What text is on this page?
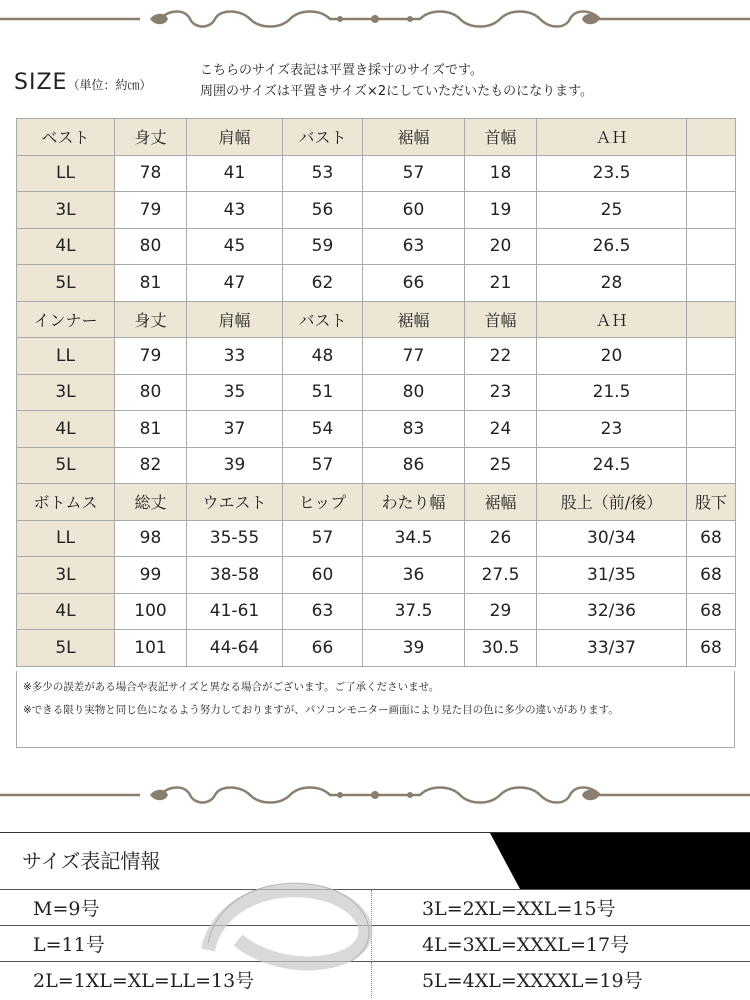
SIZE（単位：約㎝）
こちらのサイズ表記は平置き採寸のサイズです。
周囲のサイズは平置きサイズ×2にしていただいたものになります。
ベスト	身丈	肩幅	バスト	裾幅	首幅	ＡＨ	
LL	78	41	53	57	18	23.5	
3L	79	43	56	60	19	25	
4L	80	45	59	63	20	26.5	
5L	81	47	62	66	21	28	
インナー	身丈	肩幅	バスト	裾幅	首幅	ＡＨ	
LL	79	33	48	77	22	20	
3L	80	35	51	80	23	21.5	
4L	81	37	54	83	24	23	
5L	82	39	57	86	25	24.5	
ボトムス	総丈	ウエスト	ヒップ	わたり幅	裾幅	股上（前/後）	股下
LL	98	35-55	57	34.5	26	30/34	68
3L	99	38-58	60	36	27.5	31/35	68
4L	100	41-61	63	37.5	29	32/36	68
5L	101	44-64	66	39	30.5	33/37	68

※多少の誤差がある場合や表記サイズと異なる場合がございます。ご了承くださいませ。

※できる限り実物と同じ色になるよう努力しておりますが、パソコンモニター画面により見た目の色に多少の違いがあります。

サイズ表記情報
M=9号	3L=2XL=XXL=15号
L=11号	4L=3XL=XXXL=17号
2L=1XL=XL=LL=13号	5L=4XL=XXXXL=19号
